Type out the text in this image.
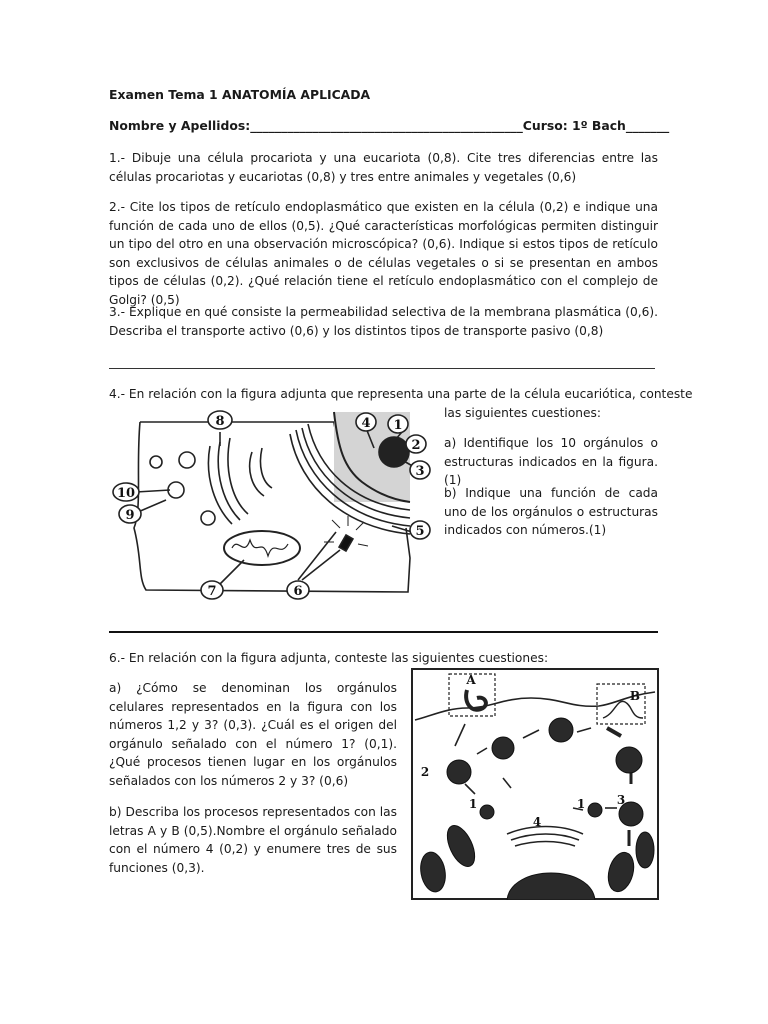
Examen Tema 1 ANATOMÍA APLICADA
Nombre y Apellidos:____________________________________________ Curso: 1º Bach_______
1.- Dibuje una célula procariota y una eucariota (0,8). Cite tres diferencias entre las células procariotas y eucariotas (0,8) y tres entre animales y vegetales (0,6)
2.- Cite los tipos de retículo endoplasmático que existen en la célula (0,2) e indique una función de cada uno de ellos (0,5). ¿Qué características morfológicas permiten distinguir un tipo del otro en una observación microscópica? (0,6). Indique si estos tipos de retículo son exclusivos de células animales o de células vegetales o si se presentan en ambos tipos de células (0,2). ¿Qué relación tiene el retículo endoplasmático con el complejo de Golgi? (0,5)
3.- Explique en qué consiste la permeabilidad selectiva de la membrana plasmática (0,6). Describa el transporte activo (0,6) y los distintos tipos de transporte pasivo (0,8)
4.- En relación con la figura adjunta que representa una parte de la célula eucariótica, conteste
las siguientes cuestiones:
a) Identifique los 10 orgánulos o estructuras indicados en la figura.(1)
b) Indique una función de cada uno de los orgánulos o estructuras indicados con números.(1)
8	4 1
2
3
5
6
7
9
10
6.- En relación con la figura adjunta, conteste las siguientes cuestiones:
a) ¿Cómo se denominan los orgánulos celulares representados en la figura con los números 1,2 y 3? (0,3). ¿Cuál es el origen del orgánulo señalado con el número 1? (0,1). ¿Qué procesos tienen lugar en los orgánulos señalados con los números 2 y 3? (0,6)
b) Describa los procesos representados con las letras A y B (0,5).Nombre el orgánulo señalado con el número 4 (0,2) y enumere tres de sus funciones (0,3).
A
B
1	1
2
3
4
